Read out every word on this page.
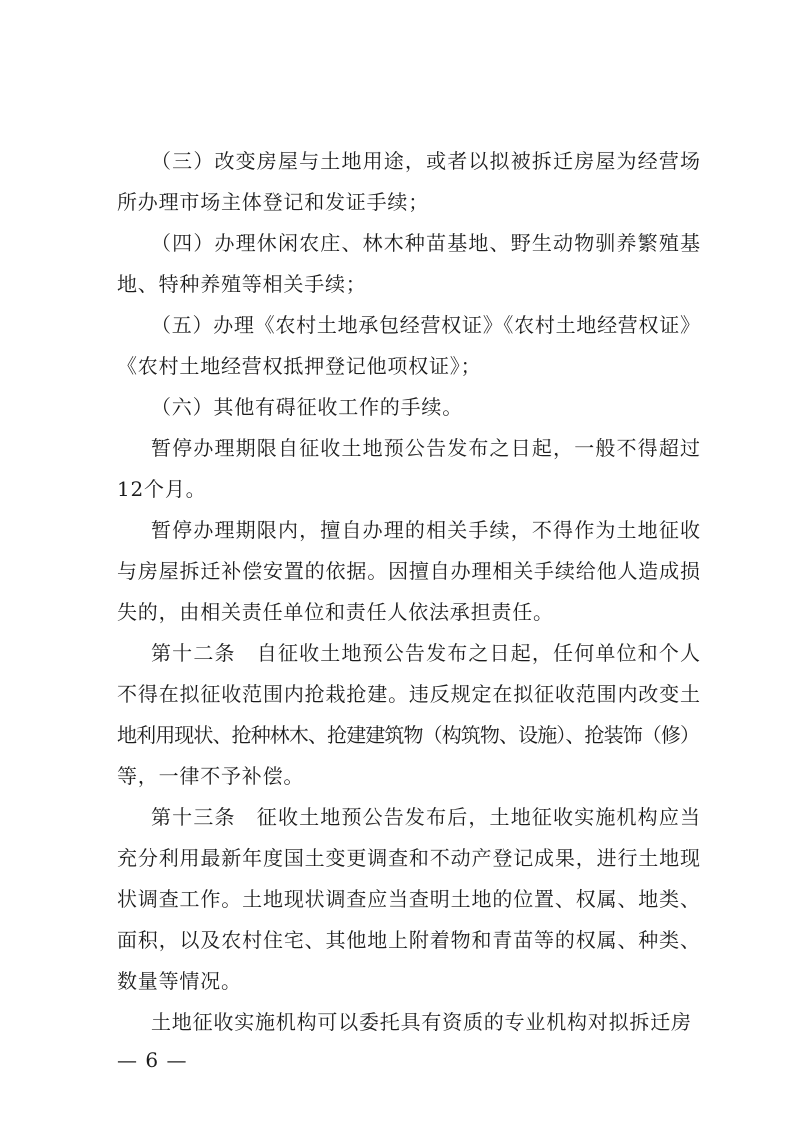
（三）改变房屋与土地用途，或者以拟被拆迁房屋为经营场
所办理市场主体登记和发证手续；
（四）办理休闲农庄、林木种苗基地、野生动物驯养繁殖基
地、特种养殖等相关手续；
（五）办理《农村土地承包经营权证》《农村土地经营权证》
《农村土地经营权抵押登记他项权证》；
（六）其他有碍征收工作的手续。
暂停办理期限自征收土地预公告发布之日起，一般不得超过
12个月。
暂停办理期限内，擅自办理的相关手续，不得作为土地征收
与房屋拆迁补偿安置的依据。因擅自办理相关手续给他人造成损
失的，由相关责任单位和责任人依法承担责任。
第十二条　自征收土地预公告发布之日起，任何单位和个人
不得在拟征收范围内抢栽抢建。违反规定在拟征收范围内改变土
地利用现状、抢种林木、抢建建筑物（构筑物、设施）、抢装饰（修）
等，一律不予补偿。
第十三条　征收土地预公告发布后，土地征收实施机构应当
充分利用最新年度国土变更调查和不动产登记成果，进行土地现
状调查工作。土地现状调查应当查明土地的位置、权属、地类、
面积，以及农村住宅、其他地上附着物和青苗等的权属、种类、
数量等情况。
土地征收实施机构可以委托具有资质的专业机构对拟拆迁房
— 6 —
